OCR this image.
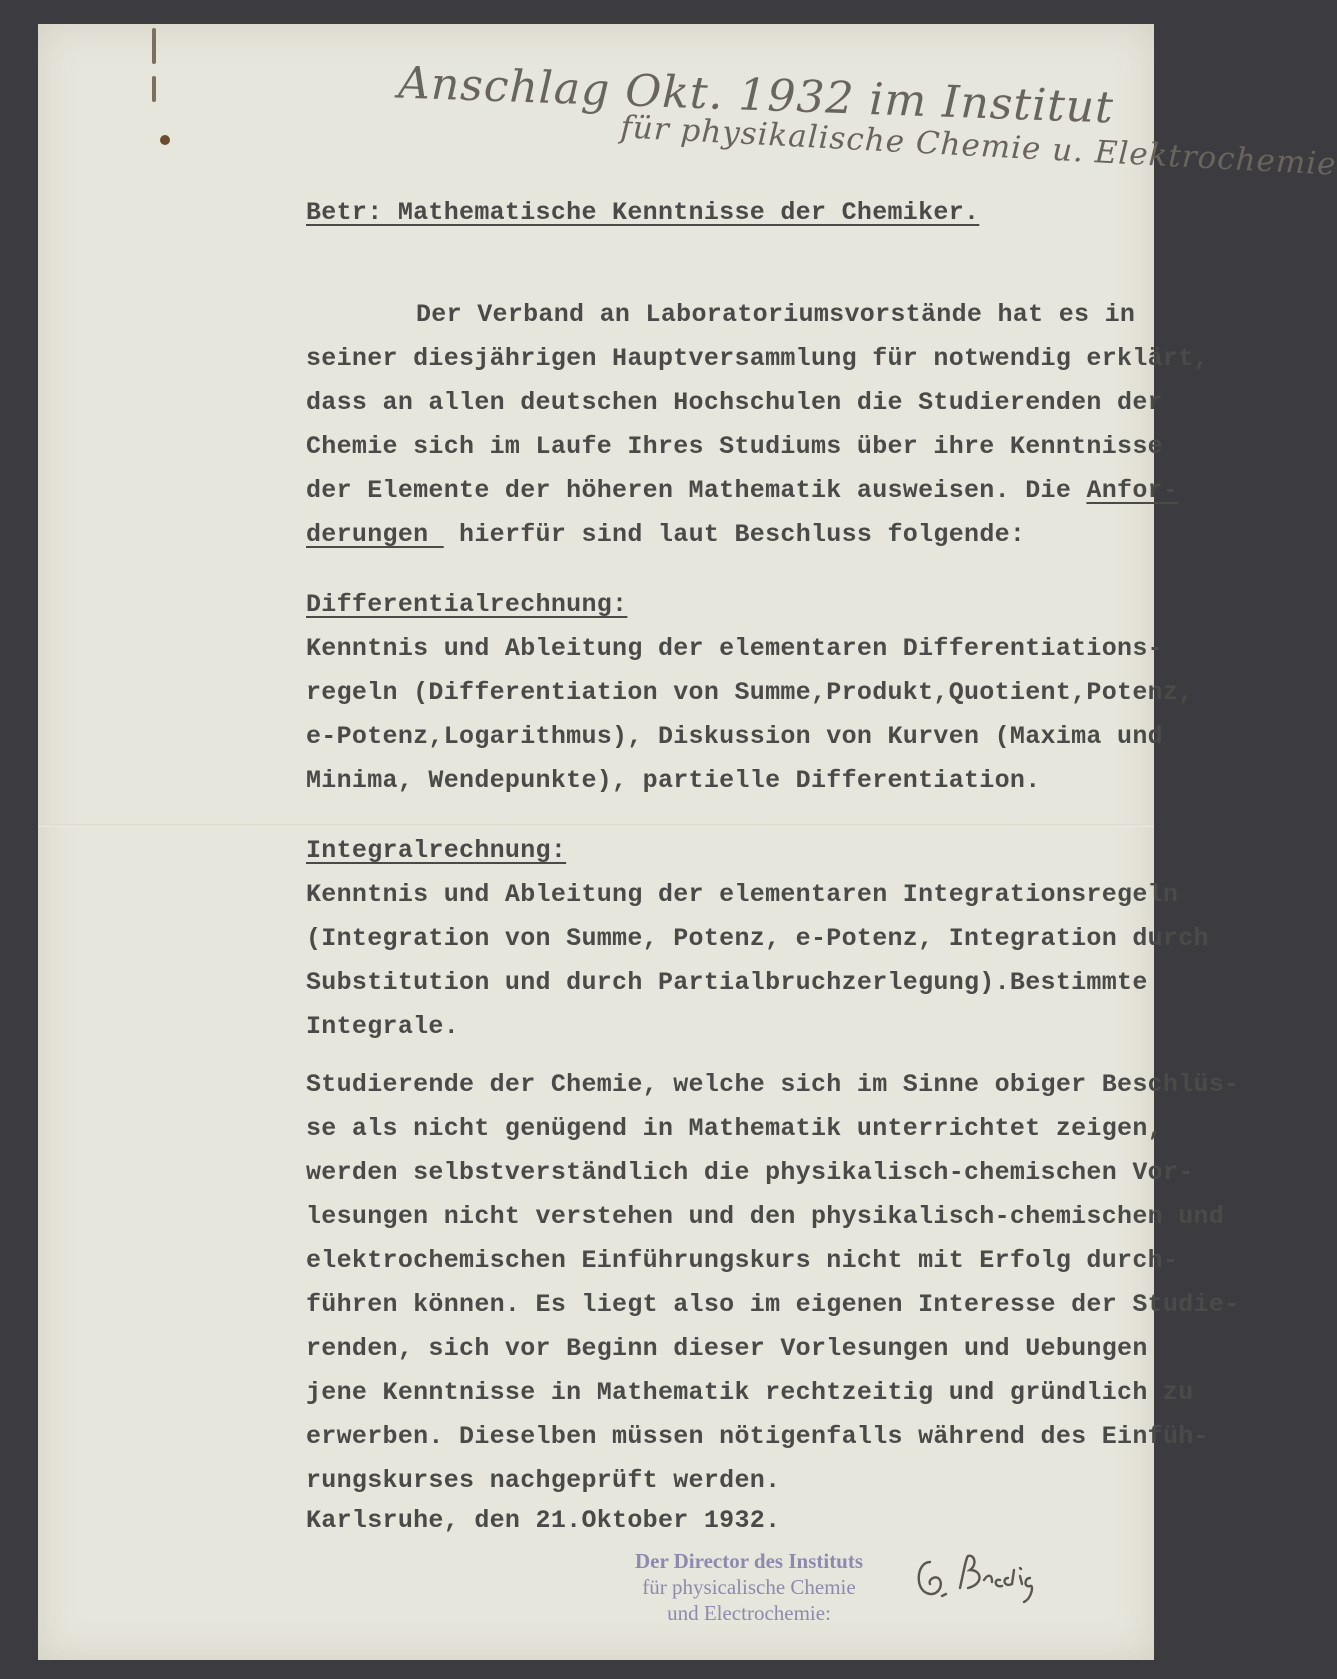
Anschlag Okt. 1932 im Institut
für physikalische Chemie u. Elektrochemie
Betr: Mathematische Kenntnisse der Chemiker.
Der Verband an Laboratoriumsvorstände hat es in
seiner diesjährigen Hauptversammlung für notwendig erklärt,
dass an allen deutschen Hochschulen die Studierenden der
Chemie sich im Laufe Ihres Studiums über ihre Kenntnisse
der Elemente der höheren Mathematik ausweisen. Die Anfor-
derungen  hierfür sind laut Beschluss folgende:
Differentialrechnung:
Kenntnis und Ableitung der elementaren Differentiations-
regeln (Differentiation von Summe,Produkt,Quotient,Potenz,
e-Potenz,Logarithmus), Diskussion von Kurven (Maxima und
Minima, Wendepunkte), partielle Differentiation.
Integralrechnung:
Kenntnis und Ableitung der elementaren Integrationsregeln
(Integration von Summe, Potenz, e-Potenz, Integration durch
Substitution und durch Partialbruchzerlegung).Bestimmte
Integrale.
Studierende der Chemie, welche sich im Sinne obiger Beschlüs-
se als nicht genügend in Mathematik unterrichtet zeigen,
werden selbstverständlich die physikalisch-chemischen Vor-
lesungen nicht verstehen und den physikalisch-chemischen und
elektrochemischen Einführungskurs nicht mit Erfolg durch-
führen können. Es liegt also im eigenen Interesse der Studie-
renden, sich vor Beginn dieser Vorlesungen und Uebungen
jene Kenntnisse in Mathematik rechtzeitig und gründlich zu
erwerben. Dieselben müssen nötigenfalls während des Einfüh-
rungskurses nachgeprüft werden.
Karlsruhe, den 21.Oktober 1932.
Der Director des Instituts
für physicalische Chemie
und Electrochemie:
